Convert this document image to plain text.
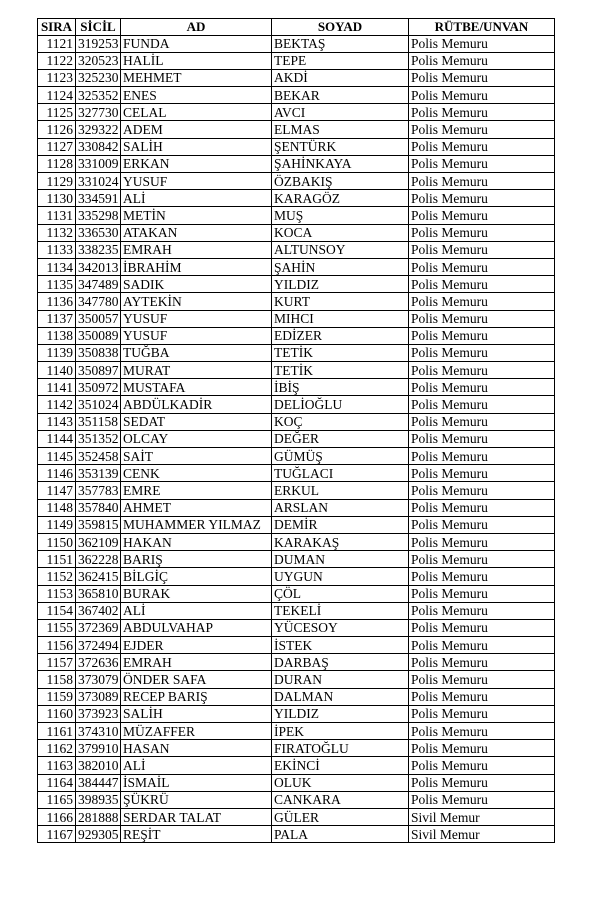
SIRA	SİCİL	AD	SOYAD	RÜTBE/UNVAN
1121	319253	FUNDA	BEKTAŞ	Polis Memuru
1122	320523	HALİL	TEPE	Polis Memuru
1123	325230	MEHMET	AKDİ	Polis Memuru
1124	325352	ENES	BEKAR	Polis Memuru
1125	327730	CELAL	AVCI	Polis Memuru
1126	329322	ADEM	ELMAS	Polis Memuru
1127	330842	SALİH	ŞENTÜRK	Polis Memuru
1128	331009	ERKAN	ŞAHİNKAYA	Polis Memuru
1129	331024	YUSUF	ÖZBAKIŞ	Polis Memuru
1130	334591	ALİ	KARAGÖZ	Polis Memuru
1131	335298	METİN	MUŞ	Polis Memuru
1132	336530	ATAKAN	KOCA	Polis Memuru
1133	338235	EMRAH	ALTUNSOY	Polis Memuru
1134	342013	İBRAHİM	ŞAHİN	Polis Memuru
1135	347489	SADIK	YILDIZ	Polis Memuru
1136	347780	AYTEKİN	KURT	Polis Memuru
1137	350057	YUSUF	MIHCI	Polis Memuru
1138	350089	YUSUF	EDİZER	Polis Memuru
1139	350838	TUĞBA	TETİK	Polis Memuru
1140	350897	MURAT	TETİK	Polis Memuru
1141	350972	MUSTAFA	İBİŞ	Polis Memuru
1142	351024	ABDÜLKADİR	DELİOĞLU	Polis Memuru
1143	351158	SEDAT	KOÇ	Polis Memuru
1144	351352	OLCAY	DEĞER	Polis Memuru
1145	352458	SAİT	GÜMÜŞ	Polis Memuru
1146	353139	CENK	TUĞLACI	Polis Memuru
1147	357783	EMRE	ERKUL	Polis Memuru
1148	357840	AHMET	ARSLAN	Polis Memuru
1149	359815	MUHAMMER YILMAZ	DEMİR	Polis Memuru
1150	362109	HAKAN	KARAKAŞ	Polis Memuru
1151	362228	BARIŞ	DUMAN	Polis Memuru
1152	362415	BİLGİÇ	UYGUN	Polis Memuru
1153	365810	BURAK	ÇÖL	Polis Memuru
1154	367402	ALİ	TEKELİ	Polis Memuru
1155	372369	ABDULVAHAP	YÜCESOY	Polis Memuru
1156	372494	EJDER	İSTEK	Polis Memuru
1157	372636	EMRAH	DARBAŞ	Polis Memuru
1158	373079	ÖNDER SAFA	DURAN	Polis Memuru
1159	373089	RECEP BARIŞ	DALMAN	Polis Memuru
1160	373923	SALİH	YILDIZ	Polis Memuru
1161	374310	MÜZAFFER	İPEK	Polis Memuru
1162	379910	HASAN	FIRATOĞLU	Polis Memuru
1163	382010	ALİ	EKİNCİ	Polis Memuru
1164	384447	İSMAİL	OLUK	Polis Memuru
1165	398935	ŞÜKRÜ	CANKARA	Polis Memuru
1166	281888	SERDAR TALAT	GÜLER	Sivil Memur
1167	929305	REŞİT	PALA	Sivil Memur
